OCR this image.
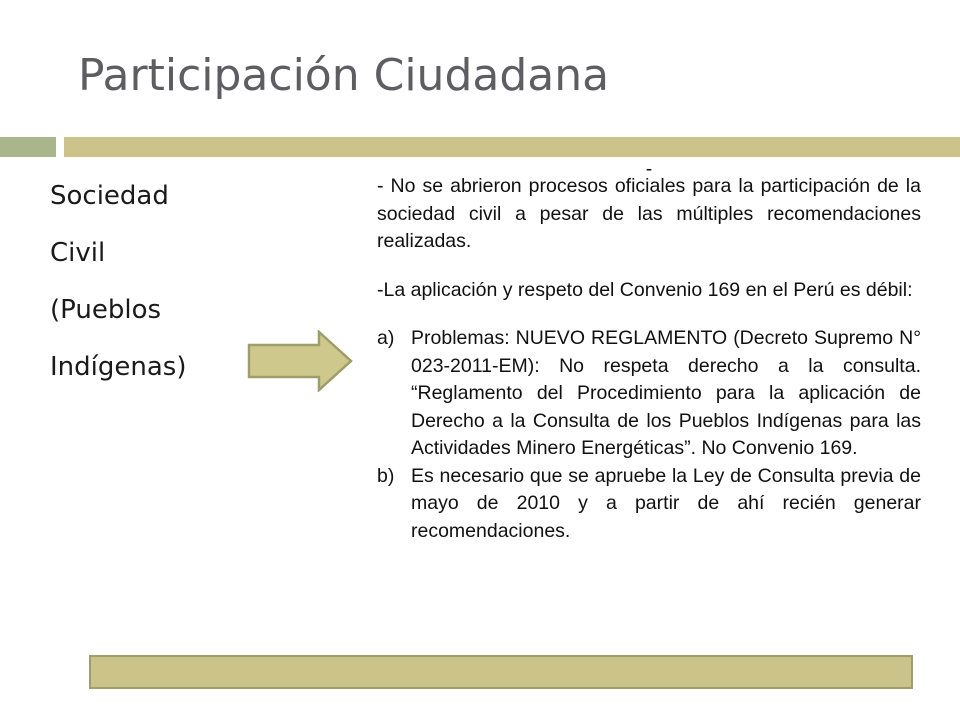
Participación Ciudadana
Sociedad
Civil
(Pueblos
Indígenas)

-

- No se abrieron procesos oficiales para la participación de la sociedad civil a pesar de las múltiples recomendaciones realizadas.

-La aplicación y respeto del Convenio 169 en el Perú es débil:

a) Problemas: NUEVO REGLAMENTO (Decreto Supremo N° 023-2011-EM): No respeta derecho a la consulta. “Reglamento del Procedimiento para la aplicación de Derecho a la Consulta de los Pueblos Indígenas para las Actividades Minero Energéticas”. No Convenio 169.
b) Es necesario que se apruebe la Ley de Consulta previa de mayo de 2010 y a partir de ahí recién generar recomendaciones.
